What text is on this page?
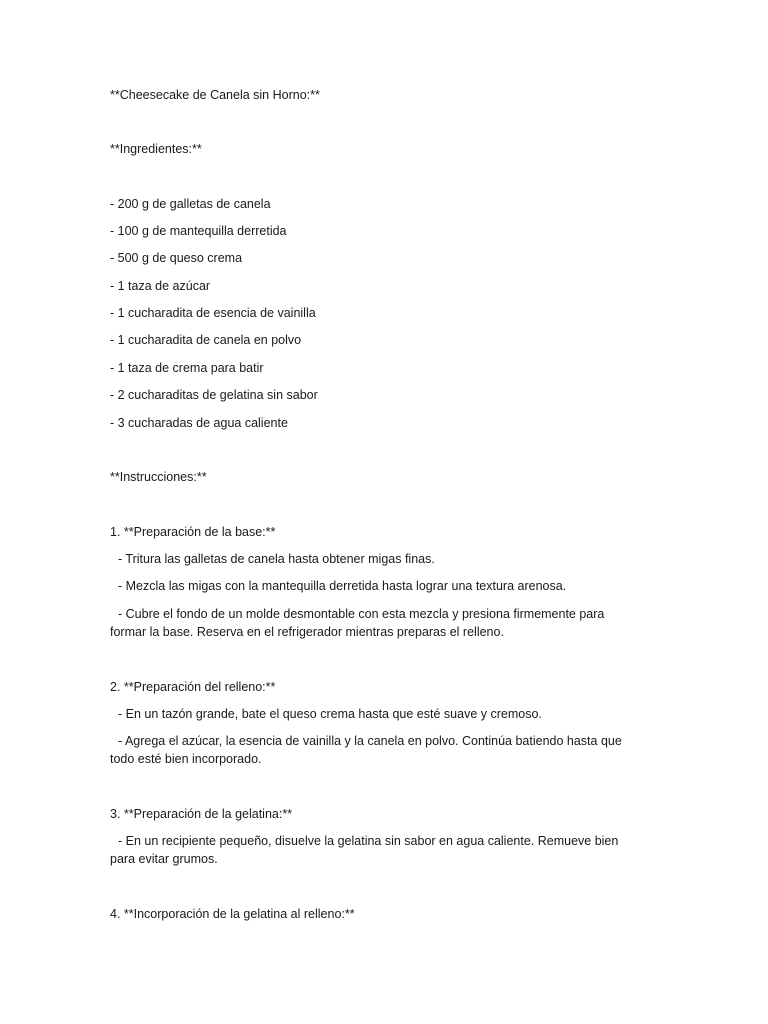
**Cheesecake de Canela sin Horno:**
**Ingredientes:**
- 200 g de galletas de canela
- 100 g de mantequilla derretida
- 500 g de queso crema
- 1 taza de azúcar
- 1 cucharadita de esencia de vainilla
- 1 cucharadita de canela en polvo
- 1 taza de crema para batir
- 2 cucharaditas de gelatina sin sabor
- 3 cucharadas de agua caliente
**Instrucciones:**
1. **Preparación de la base:**
- Tritura las galletas de canela hasta obtener migas finas.
- Mezcla las migas con la mantequilla derretida hasta lograr una textura arenosa.
- Cubre el fondo de un molde desmontable con esta mezcla y presiona firmemente para
formar la base. Reserva en el refrigerador mientras preparas el relleno.
2. **Preparación del relleno:**
- En un tazón grande, bate el queso crema hasta que esté suave y cremoso.
- Agrega el azúcar, la esencia de vainilla y la canela en polvo. Continúa batiendo hasta que
todo esté bien incorporado.
3. **Preparación de la gelatina:**
- En un recipiente pequeño, disuelve la gelatina sin sabor en agua caliente. Remueve bien
para evitar grumos.
4. **Incorporación de la gelatina al relleno:**
